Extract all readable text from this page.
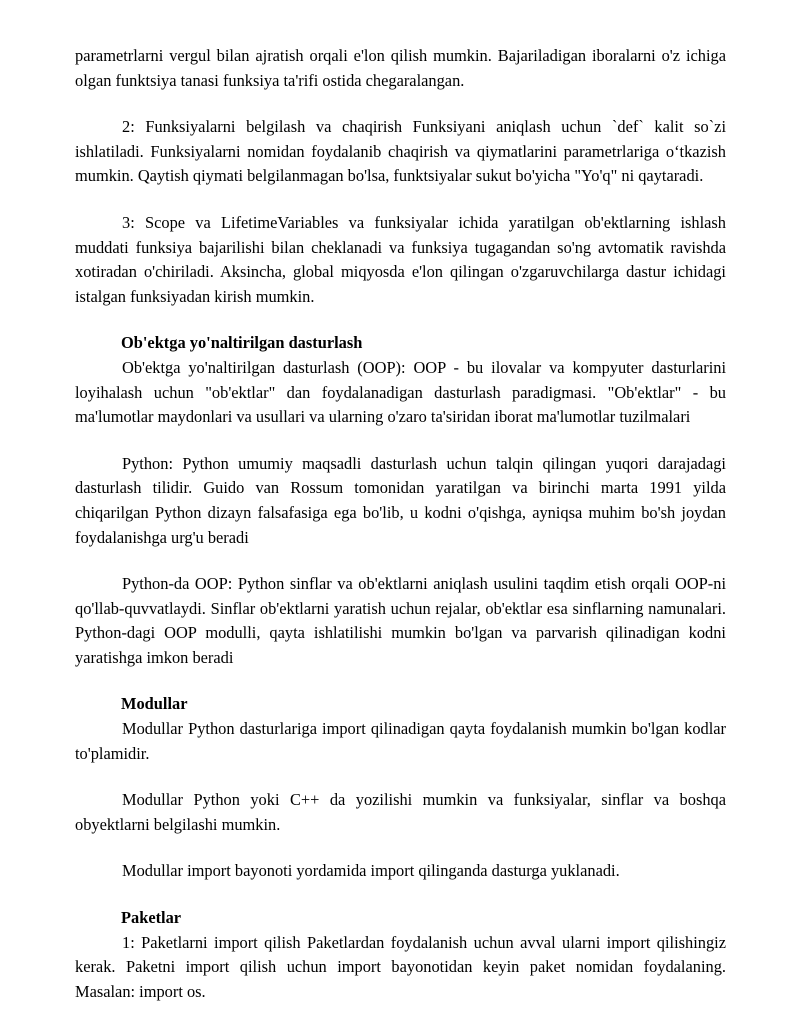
parametrlarni vergul bilan ajratish orqali e'lon qilish mumkin. Bajariladigan iboralarni o'z ichiga olgan funktsiya tanasi funksiya ta'rifi ostida chegaralangan.

2: Funksiyalarni belgilash va chaqirish Funksiyani aniqlash uchun `def` kalit so`zi ishlatiladi. Funksiyalarni nomidan foydalanib chaqirish va qiymatlarini parametrlariga oʻtkazish mumkin. Qaytish qiymati belgilanmagan bo'lsa, funktsiyalar sukut bo'yicha "Yo'q" ni qaytaradi.

3: Scope va LifetimeVariables va funksiyalar ichida yaratilgan ob'ektlarning ishlash muddati funksiya bajarilishi bilan cheklanadi va funksiya tugagandan so'ng avtomatik ravishda xotiradan o'chiriladi. Aksincha, global miqyosda e'lon qilingan o'zgaruvchilarga dastur ichidagi istalgan funksiyadan kirish mumkin.

Ob'ektga yo'naltirilgan dasturlash

Ob'ektga yo'naltirilgan dasturlash (OOP): OOP - bu ilovalar va kompyuter dasturlarini loyihalash uchun "ob'ektlar" dan foydalanadigan dasturlash paradigmasi. "Ob'ektlar" - bu ma'lumotlar maydonlari va usullari va ularning o'zaro ta'siridan iborat ma'lumotlar tuzilmalari

Python: Python umumiy maqsadli dasturlash uchun talqin qilingan yuqori darajadagi dasturlash tilidir. Guido van Rossum tomonidan yaratilgan va birinchi marta 1991 yilda chiqarilgan Python dizayn falsafasiga ega bo'lib, u kodni o'qishga, ayniqsa muhim bo'sh joydan foydalanishga urg'u beradi

Python-da OOP: Python sinflar va ob'ektlarni aniqlash usulini taqdim etish orqali OOP-ni qo'llab-quvvatlaydi. Sinflar ob'ektlarni yaratish uchun rejalar, ob'ektlar esa sinflarning namunalari. Python-dagi OOP modulli, qayta ishlatilishi mumkin bo'lgan va parvarish qilinadigan kodni yaratishga imkon beradi

Modullar

Modullar Python dasturlariga import qilinadigan qayta foydalanish mumkin bo'lgan kodlar to'plamidir.

Modullar Python yoki C++ da yozilishi mumkin va funksiyalar, sinflar va boshqa obyektlarni belgilashi mumkin.

Modullar import bayonoti yordamida import qilinganda dasturga yuklanadi.

Paketlar

1: Paketlarni import qilish Paketlardan foydalanish uchun avval ularni import qilishingiz kerak. Paketni import qilish uchun import bayonotidan keyin paket nomidan foydalaning. Masalan: import os.
